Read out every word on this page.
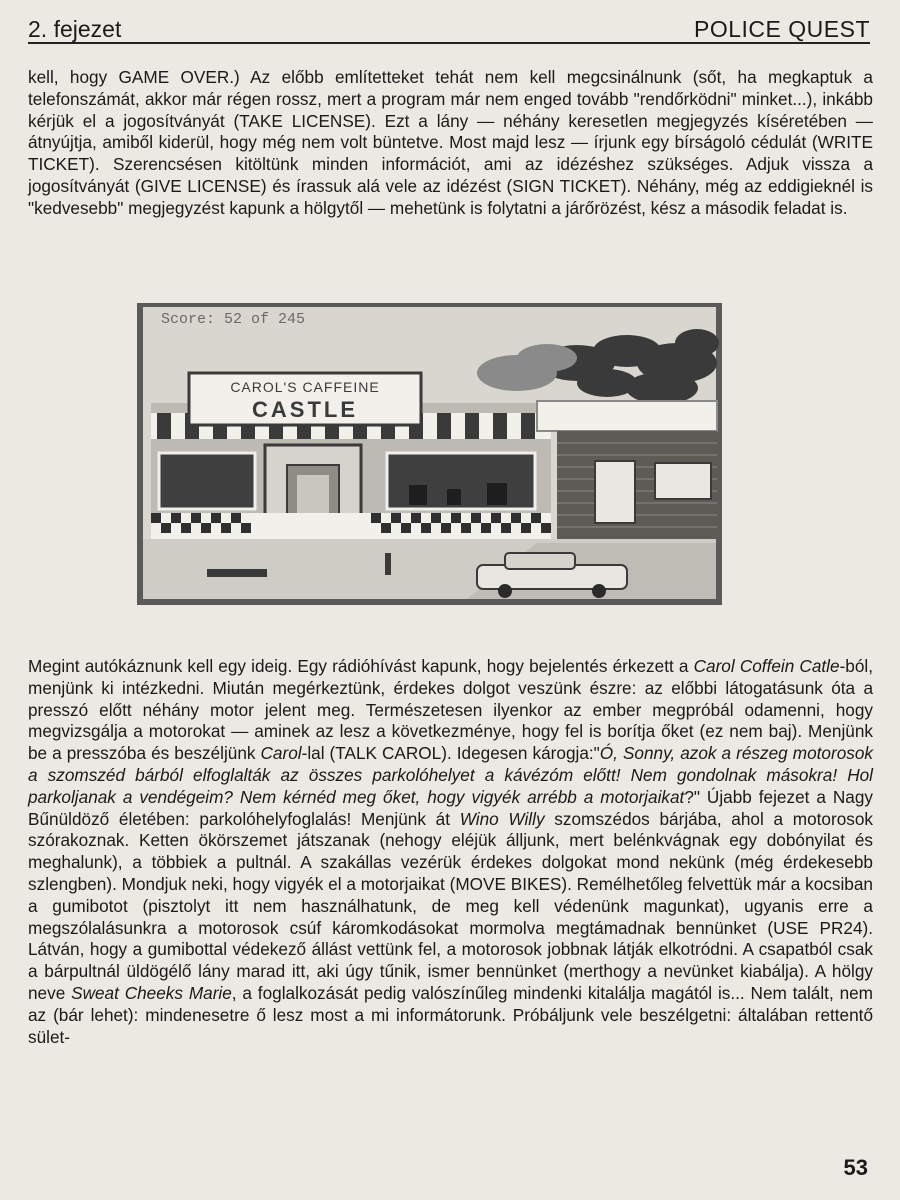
2. fejezet	POLICE QUEST

kell, hogy GAME OVER.) Az előbb említetteket tehát nem kell megcsinálnunk (sőt, ha megkaptuk a telefonszámát, akkor már régen rossz, mert a program már nem enged tovább "rendőrködni" minket...), inkább kérjük el a jogosítványát (TAKE LICENSE). Ezt a lány — néhány keresetlen megjegyzés kíséretében — átnyújtja, amiből kiderül, hogy még nem volt büntetve. Most majd lesz — írjunk egy bírságoló cédulát (WRITE TICKET). Szerencsésen kitöltünk minden információt, ami az idézéshez szükséges. Adjuk vissza a jogosítványát (GIVE LICENSE) és írassuk alá vele az idézést (SIGN TICKET). Néhány, még az eddigieknél is "kedvesebb" megjegyzést kapunk a hölgytől — mehetünk is folytatni a járőrözést, kész a második feladat is.

Score: 52 of 245
CAROL'S CAFFEINE
CASTLE

Megint autókáznunk kell egy ideig. Egy rádióhívást kapunk, hogy bejelentés érkezett a Carol Coffein Catle-ból, menjünk ki intézkedni. Miután megérkeztünk, érdekes dolgot veszünk észre: az előbbi látogatásunk óta a presszó előtt néhány motor jelent meg. Természetesen ilyenkor az ember megpróbál odamenni, hogy megvizsgálja a motorokat — aminek az lesz a következménye, hogy fel is borítja őket (ez nem baj). Menjünk be a presszóba és beszéljünk Carol-lal (TALK CAROL). Idegesen károgja:"Ó, Sonny, azok a részeg motorosok a szomszéd bárból elfoglalták az összes parkolóhelyet a kávézóm előtt! Nem gondolnak másokra! Hol parkoljanak a vendégeim? Nem kérnéd meg őket, hogy vigyék arrébb a motorjaikat?" Újabb fejezet a Nagy Bűnüldöző életében: parkolóhelyfoglalás! Menjünk át Wino Willy szomszédos bárjába, ahol a motorosok szórakoznak. Ketten ökörszemet játszanak (nehogy eléjük álljunk, mert belénkvágnak egy dobónyilat és meghalunk), a többiek a pultnál. A szakállas vezérük érdekes dolgokat mond nekünk (még érdekesebb szlengben). Mondjuk neki, hogy vigyék el a motorjaikat (MOVE BIKES). Remélhetőleg felvettük már a kocsiban a gumibotot (pisztolyt itt nem használhatunk, de meg kell védenünk magunkat), ugyanis erre a megszólalásunkra a motorosok csúf káromkodásokat mormolva megtámadnak bennünket (USE PR24). Látván, hogy a gumibottal védekező állást vettünk fel, a motorosok jobbnak látják elkotródni. A csapatból csak a bárpultnál üldögélő lány marad itt, aki úgy tűnik, ismer bennünket (merthogy a nevünket kiabálja). A hölgy neve Sweat Cheeks Marie, a foglalkozását pedig valószínűleg mindenki kitalálja magától is... Nem talált, nem az (bár lehet): mindenesetre ő lesz most a mi informátorunk. Próbáljunk vele beszélgetni: általában rettentő sület-

53
